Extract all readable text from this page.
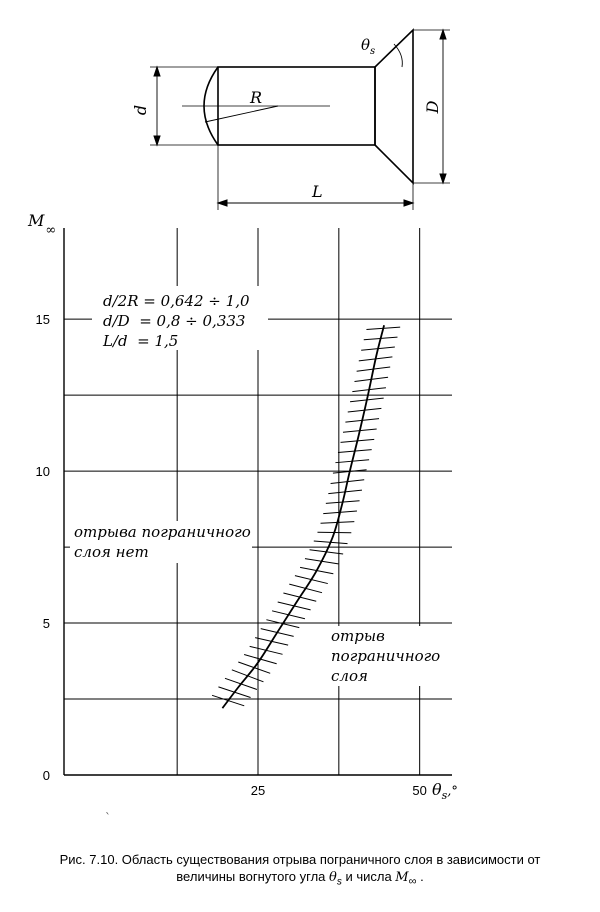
d
R	D
L
$\theta_s$
0
5
10
15
25	50
$M_\infty$
$\theta_s^{,^\circ}$
d/2R = 0,642 ÷ 1,0
d/D  = 0,8 ÷ 0,333
L/d  = 1,5
отрыва пограничного
слоя нет
отрыв
пограничного
слоя
`
Рис. 7.10. Область существования отрыва пограничного слоя в зависимости от
величины вогнутого угла $\theta_s$ и числа $M_\infty$ .
